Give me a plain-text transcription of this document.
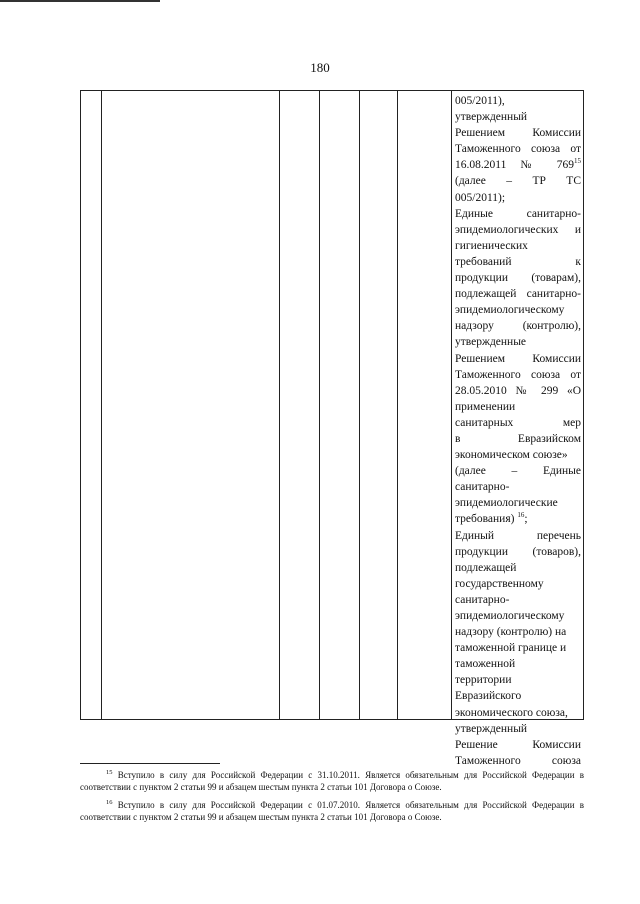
180
005/2011),
утвержденный
Решением Комиссии
Таможенного союза от
16.08.2011 № $769^{15}$
(далее – ТР ТС
005/2011);
Единые санитарно-
эпидемиологических и
гигиенических
требований к
продукции (товарам),
подлежащей санитарно-
эпидемиологическому
надзору (контролю),
утвержденные
Решением Комиссии
Таможенного союза от
28.05.2010 № 299 «О
применении
санитарных мер
в Евразийском
экономическом союзе»
(далее – Единые
санитарно-
эпидемиологические
требования) $^{16}$;
Единый перечень
продукции (товаров),
подлежащей
государственному
санитарно-
эпидемиологическому
надзору (контролю) на
таможенной границе и
таможенной
территории
Евразийского
экономического союза,
утвержденный
Решение Комиссии
Таможенного союза

$^{15}$ Вступило в силу для Российской Федерации с 31.10.2011. Является обязательным для Российской Федерации в соответствии с пунктом 2 статьи 99 и абзацем шестым пункта 2 статьи 101 Договора о Союзе.

$^{16}$ Вступило в силу для Российской Федерации с 01.07.2010. Является обязательным для Российской Федерации в соответствии с пунктом 2 статьи 99 и абзацем шестым пункта 2 статьи 101 Договора о Союзе.
